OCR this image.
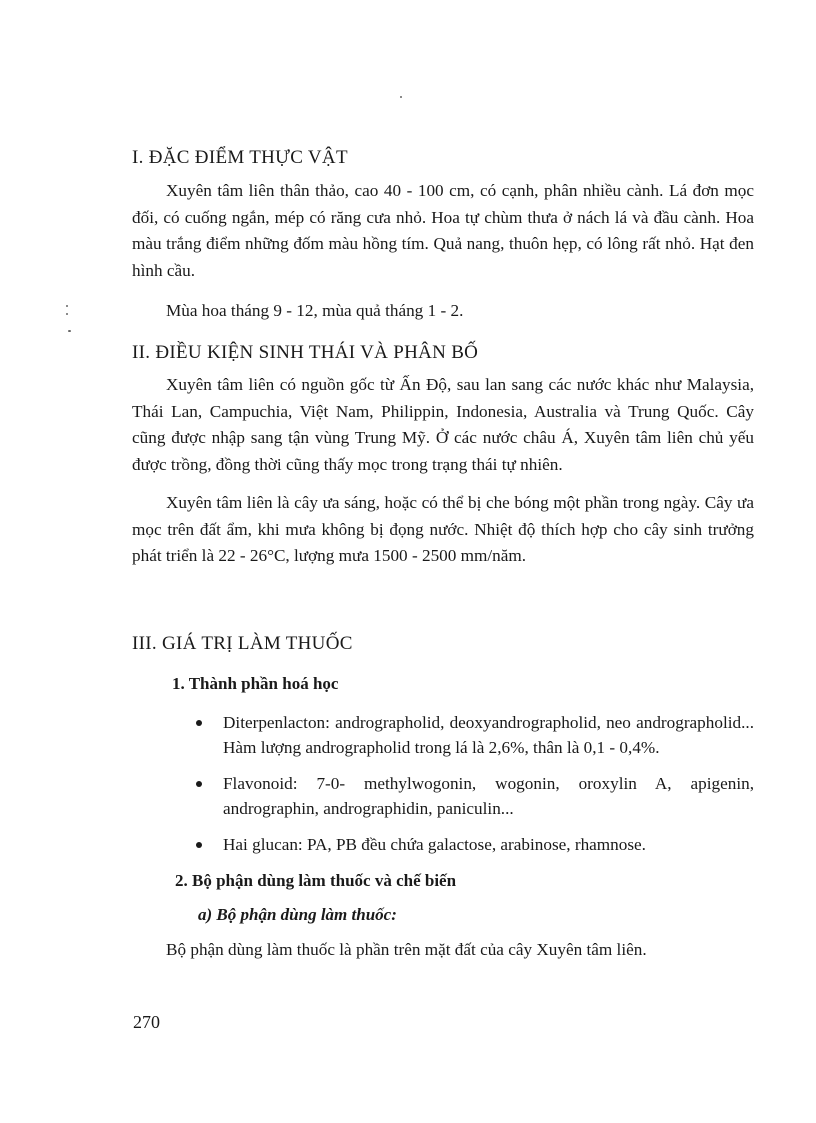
I. ĐẶC ĐIỂM THỰC VẬT

Xuyên tâm liên thân thảo, cao 40 - 100 cm, có cạnh, phân nhiều cành. Lá đơn mọc đối, có cuống ngắn, mép có răng cưa nhỏ. Hoa tự chùm thưa ở nách lá và đầu cành. Hoa màu trắng điểm những đốm màu hồng tím. Quả nang, thuôn hẹp, có lông rất nhỏ. Hạt đen hình cầu.

Mùa hoa tháng 9 - 12, mùa quả tháng 1 - 2.

II. ĐIỀU KIỆN SINH THÁI VÀ PHÂN BỐ

Xuyên tâm liên có nguồn gốc từ Ấn Độ, sau lan sang các nước khác như Malaysia, Thái Lan, Campuchia, Việt Nam, Philippin, Indonesia, Australia và Trung Quốc. Cây cũng được nhập sang tận vùng Trung Mỹ. Ở các nước châu Á, Xuyên tâm liên chủ yếu được trồng, đồng thời cũng thấy mọc trong trạng thái tự nhiên.

Xuyên tâm liên là cây ưa sáng, hoặc có thể bị che bóng một phần trong ngày. Cây ưa mọc trên đất ẩm, khi mưa không bị đọng nước. Nhiệt độ thích hợp cho cây sinh trưởng phát triển là 22 - 26°C, lượng mưa 1500 - 2500 mm/năm.

III. GIÁ TRỊ LÀM THUỐC
1. Thành phần hoá học
Diterpenlacton: andrographolid, deoxyandrographolid, neo andrographolid... Hàm lượng andrographolid trong lá là 2,6%, thân là 0,1 - 0,4%.
Flavonoid: 7-0- methylwogonin, wogonin, oroxylin A, apigenin, andrographin, andrographidin, paniculin...
Hai glucan: PA, PB đều chứa galactose, arabinose, rhamnose.
2. Bộ phận dùng làm thuốc và chế biến
a) Bộ phận dùng làm thuốc:

Bộ phận dùng làm thuốc là phần trên mặt đất của cây Xuyên tâm liên.

270
